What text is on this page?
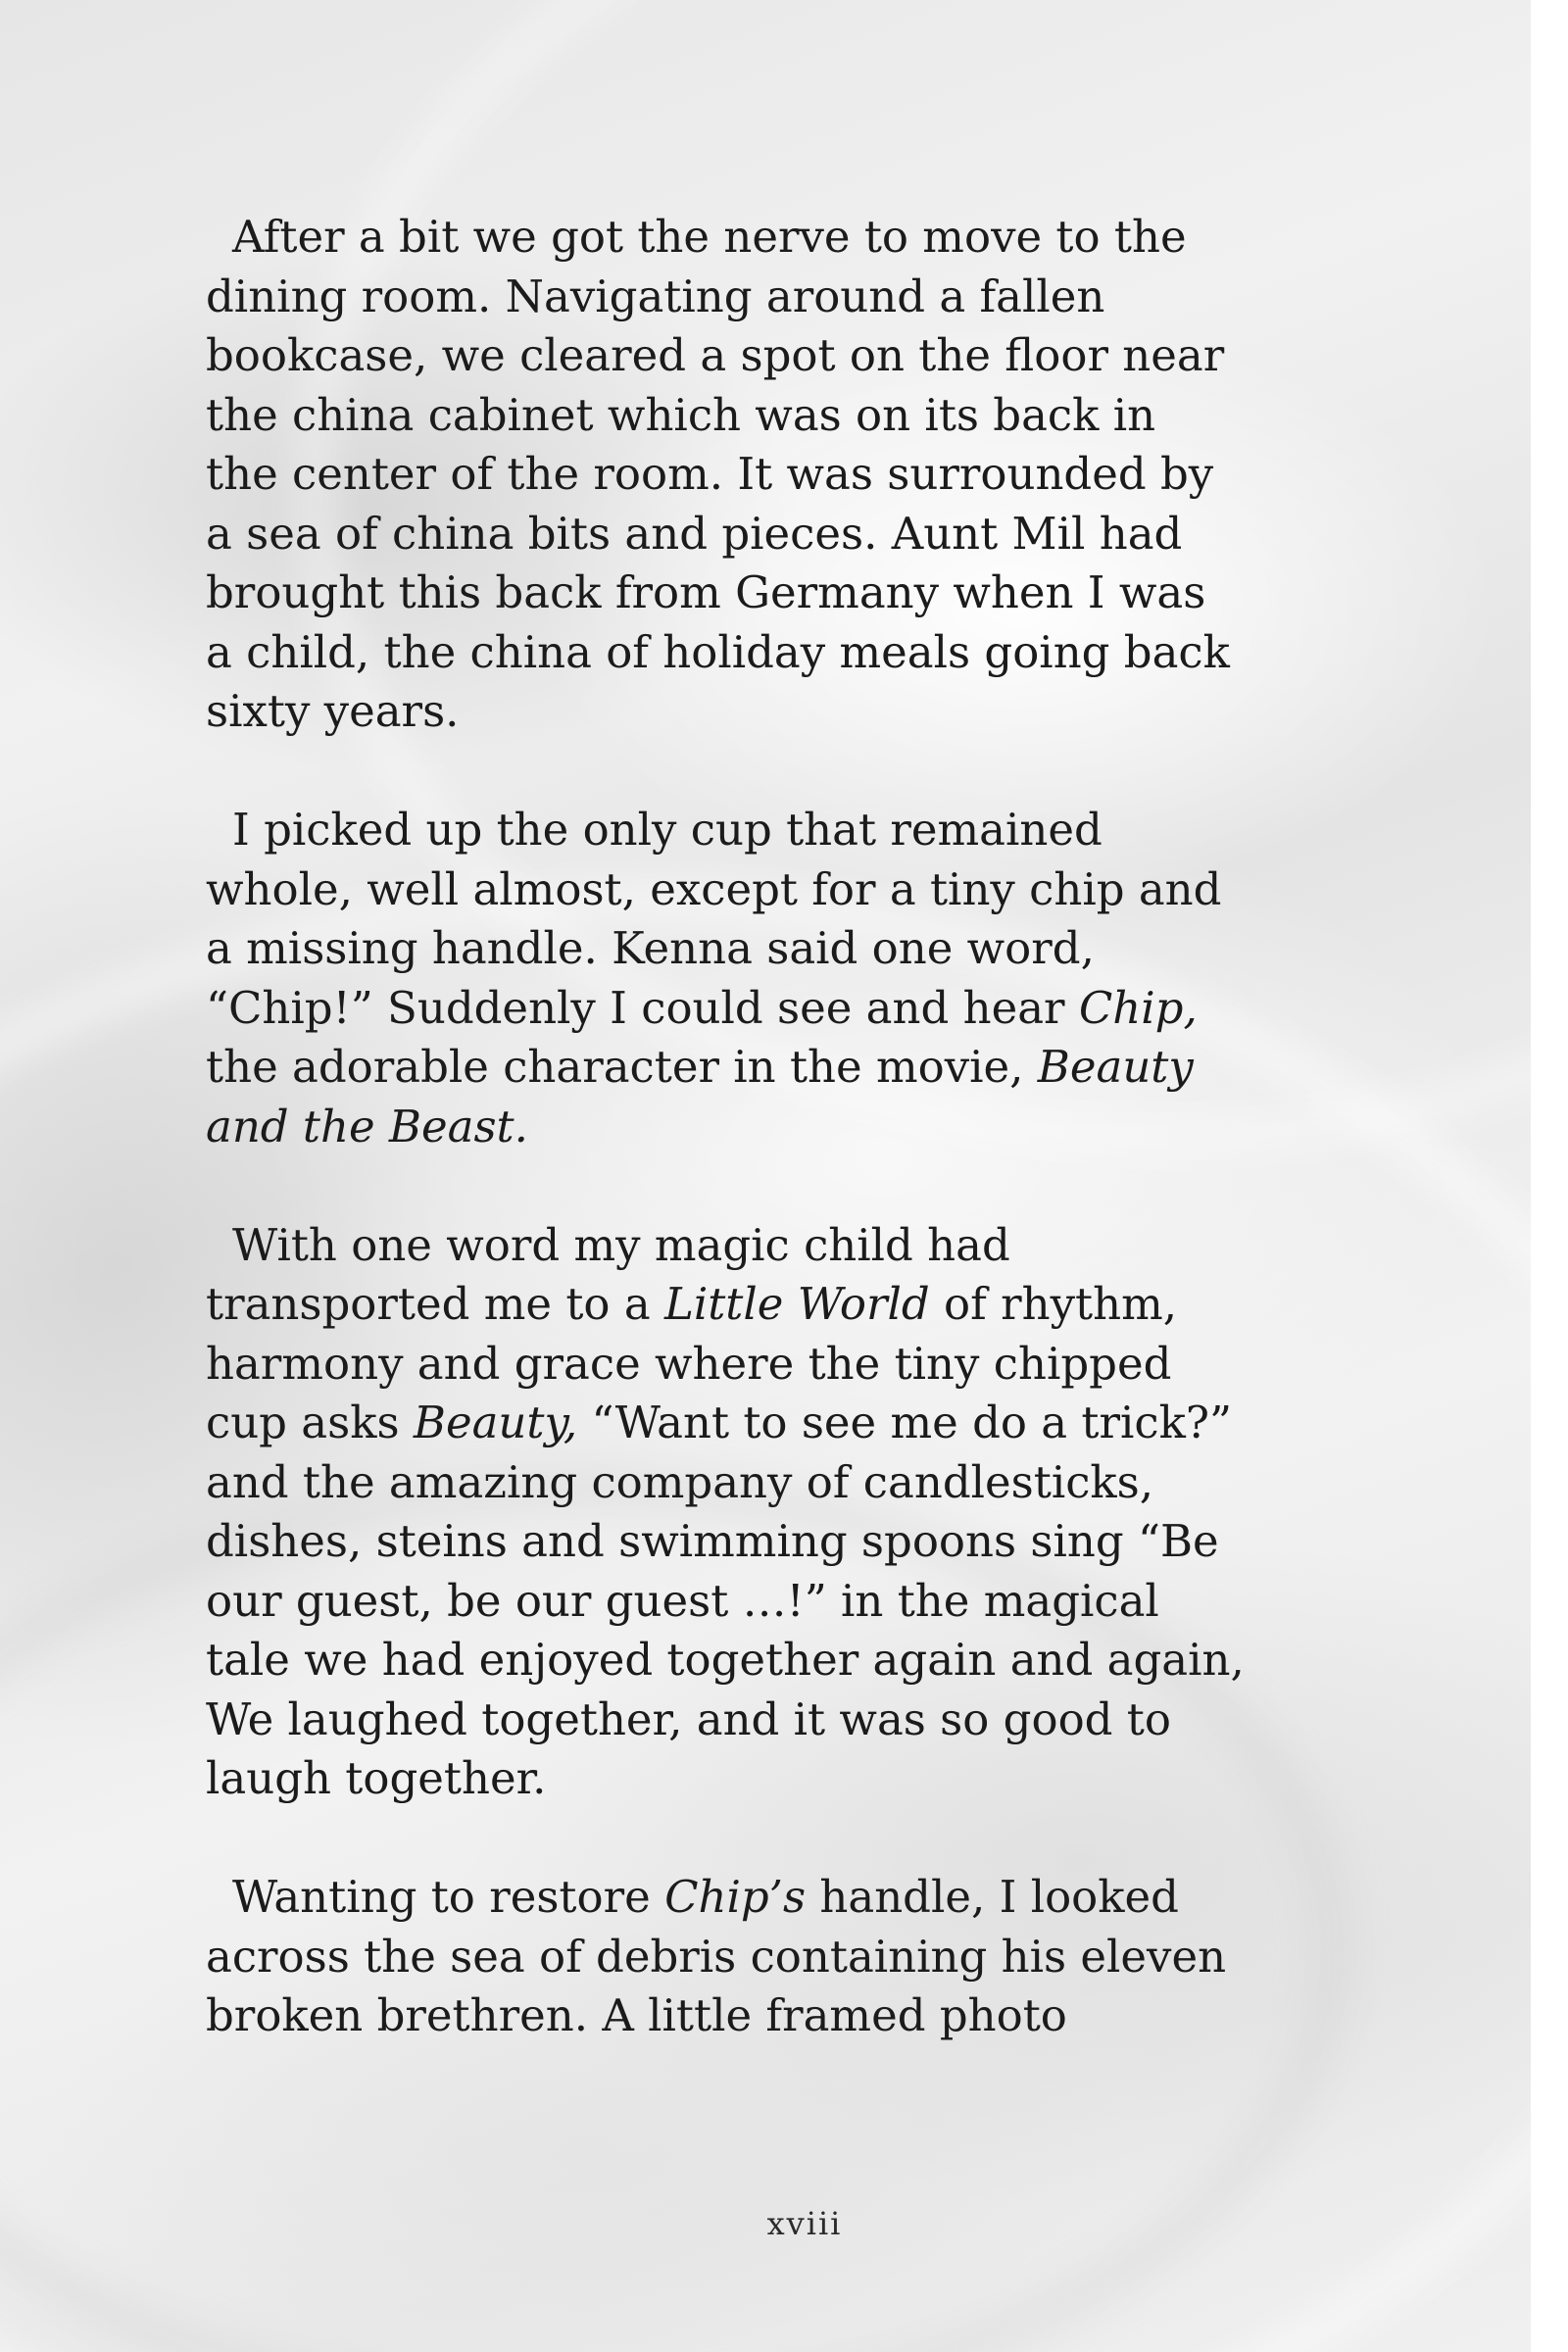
After a bit we got the nerve to move to the
dining room. Navigating around a fallen
bookcase, we cleared a spot on the floor near
the china cabinet which was on its back in
the center of the room. It was surrounded by
a sea of china bits and pieces. Aunt Mil had
brought this back from Germany when I was
a child, the china of holiday meals going back
sixty years.
I picked up the only cup that remained
whole, well almost, except for a tiny chip and
a missing handle. Kenna said one word,
“Chip!” Suddenly I could see and hear Chip,
the adorable character in the movie, Beauty
and the Beast.
With one word my magic child had
transported me to a Little World of rhythm,
harmony and grace where the tiny chipped
cup asks Beauty, “Want to see me do a trick?”
and the amazing company of candlesticks,
dishes, steins and swimming spoons sing “Be
our guest, be our guest …!” in the magical
tale we had enjoyed together again and again,
We laughed together, and it was so good to
laugh together.
Wanting to restore Chip’s handle, I looked
across the sea of debris containing his eleven
broken brethren. A little framed photo
xviii
